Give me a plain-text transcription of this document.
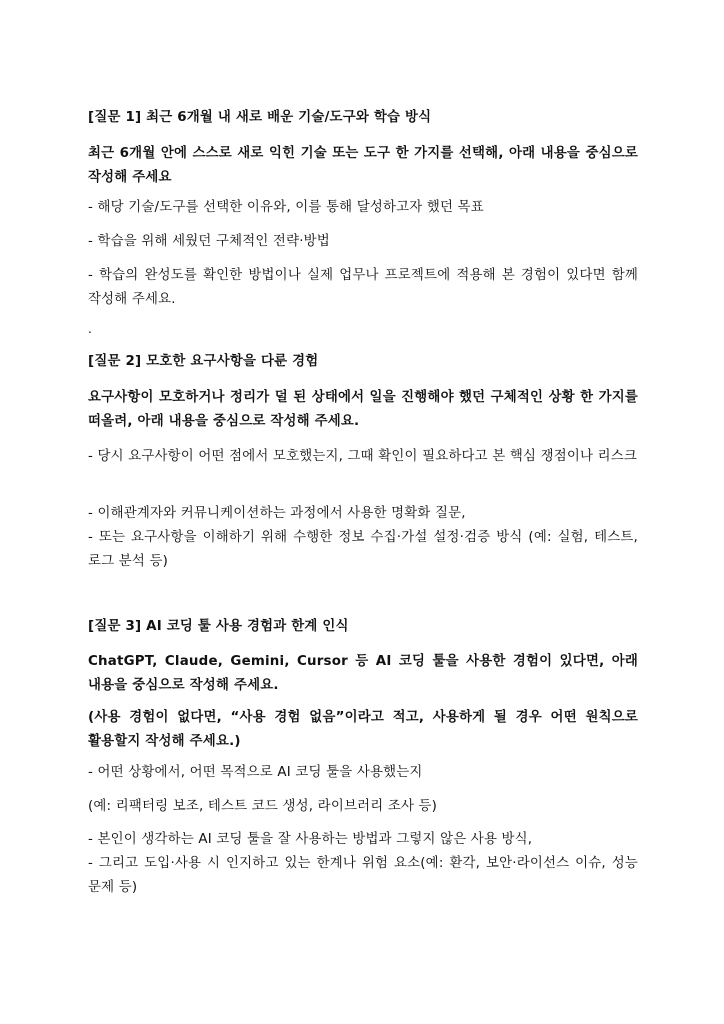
[질문 1] 최근 6개월 내 새로 배운 기술/도구와 학습 방식
최근 6개월 안에 스스로 새로 익힌 기술 또는 도구 한 가지를 선택해, 아래 내용을 중심으로 작성해 주세요
- 해당 기술/도구를 선택한 이유와, 이를 통해 달성하고자 했던 목표
- 학습을 위해 세웠던 구체적인 전략·방법
- 학습의 완성도를 확인한 방법이나 실제 업무나 프로젝트에 적용해 본 경험이 있다면 함께 작성해 주세요.
.
[질문 2] 모호한 요구사항을 다룬 경험
요구사항이 모호하거나 정리가 덜 된 상태에서 일을 진행해야 했던 구체적인 상황 한 가지를 떠올려, 아래 내용을 중심으로 작성해 주세요.
- 당시 요구사항이 어떤 점에서 모호했는지, 그때 확인이 필요하다고 본 핵심 쟁점이나 리스크
- 이해관계자와 커뮤니케이션하는 과정에서 사용한 명확화 질문,
- 또는 요구사항을 이해하기 위해 수행한 정보 수집·가설 설정·검증 방식 (예: 실험, 테스트, 로그 분석 등)
[질문 3] AI 코딩 툴 사용 경험과 한계 인식
ChatGPT, Claude, Gemini, Cursor 등 AI 코딩 툴을 사용한 경험이 있다면, 아래 내용을 중심으로 작성해 주세요.
(사용 경험이 없다면, “사용 경험 없음”이라고 적고, 사용하게 될 경우 어떤 원칙으로 활용할지 작성해 주세요.)
- 어떤 상황에서, 어떤 목적으로 AI 코딩 툴을 사용했는지
(예: 리팩터링 보조, 테스트 코드 생성, 라이브러리 조사 등)
- 본인이 생각하는 AI 코딩 툴을 잘 사용하는 방법과 그렇지 않은 사용 방식,
- 그리고 도입·사용 시 인지하고 있는 한계나 위험 요소(예: 환각, 보안·라이선스 이슈, 성능 문제 등)
